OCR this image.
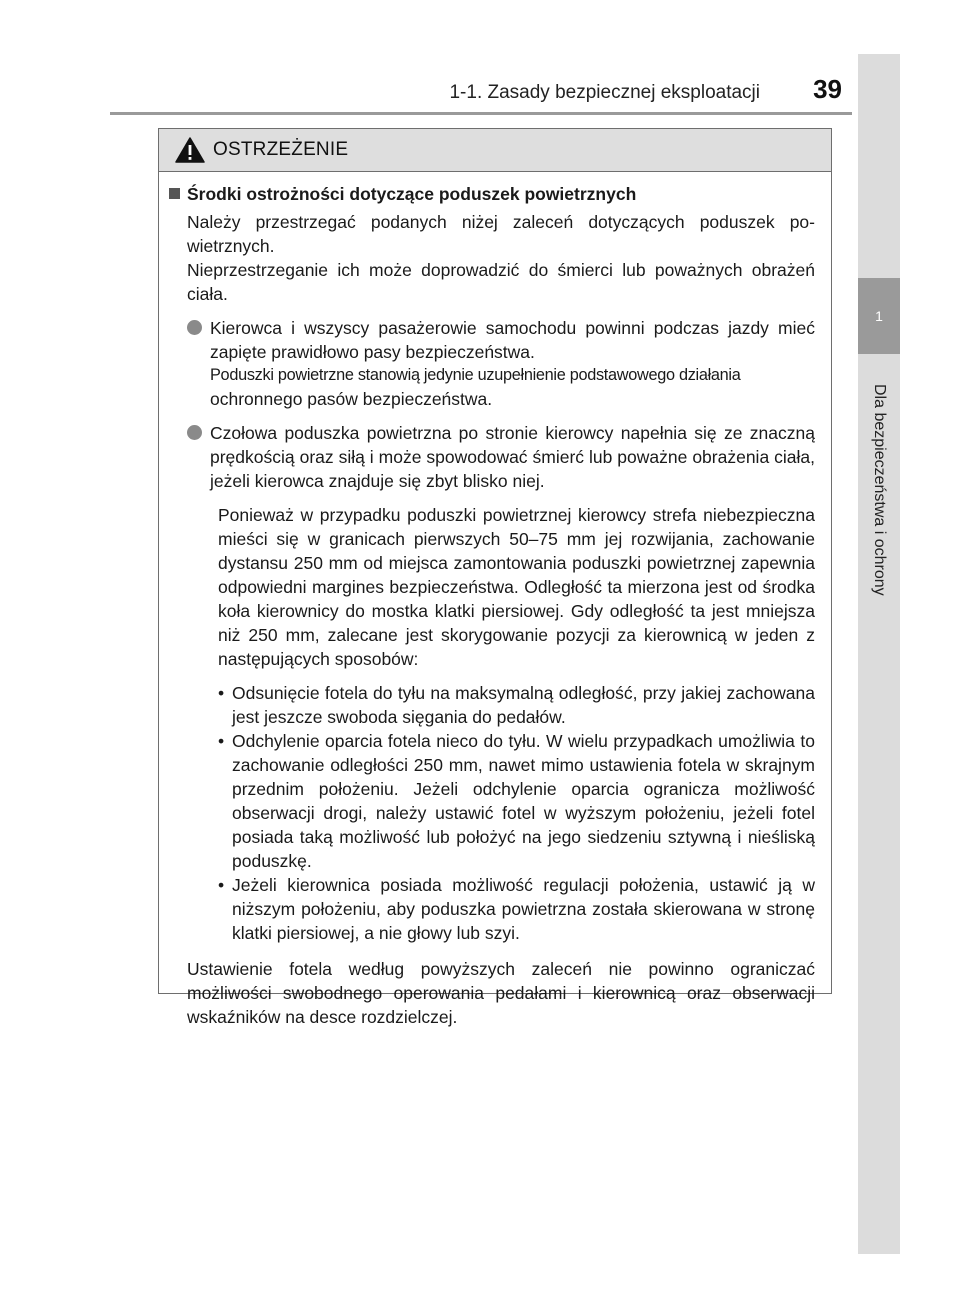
1-1. Zasady bezpiecznej eksploatacji	39
1
Dla bezpieczeństwa i ochrony
OSTRZEŻENIE
Środki ostrożności dotyczące poduszek powietrznych

Należy przestrzegać podanych niżej zaleceń dotyczących poduszek powietrznych.

Nieprzestrzeganie ich może doprowadzić do śmierci lub poważnych obrażeń ciała.

Kierowca i wszyscy pasażerowie samochodu powinni podczas jazdy mieć zapięte prawidłowo pasy bezpieczeństwa.

Poduszki powietrzne stanowią jedynie uzupełnienie podstawowego działania

ochronnego pasów bezpieczeństwa.

Czołowa poduszka powietrzna po stronie kierowcy napełnia się ze znaczną prędkością oraz siłą i może spowodować śmierć lub poważne obrażenia ciała, jeżeli kierowca znajduje się zbyt blisko niej.

Ponieważ w przypadku poduszki powietrznej kierowcy strefa niebezpieczna mieści się w granicach pierwszych 50–75 mm jej rozwijania, zachowanie dystansu 250 mm od miejsca zamontowania poduszki powietrznej zapewnia odpowiedni margines bezpieczeństwa. Odległość ta mierzona jest od środka koła kierownicy do mostka klatki piersiowej. Gdy odległość ta jest mniejsza niż 250 mm, zalecane jest skorygowanie pozycji za kierownicą w jeden z następujących sposobów:

• Odsunięcie fotela do tyłu na maksymalną odległość, przy jakiej zachowana jest jeszcze swoboda sięgania do pedałów.
• Odchylenie oparcia fotela nieco do tyłu. W wielu przypadkach umożliwia to zachowanie odległości 250 mm, nawet mimo ustawienia fotela w skrajnym przednim położeniu. Jeżeli odchylenie oparcia ogranicza możliwość obserwacji drogi, należy ustawić fotel w wyższym położeniu, jeżeli fotel posiada taką możliwość lub położyć na jego siedzeniu sztywną i nieśliską poduszkę.
• Jeżeli kierownica posiada możliwość regulacji położenia, ustawić ją w niższym położeniu, aby poduszka powietrzna została skierowana w stronę klatki piersiowej, a nie głowy lub szyi.

Ustawienie fotela według powyższych zaleceń nie powinno ograniczać możliwości swobodnego operowania pedałami i kierownicą oraz obserwacji wskaźników na desce rozdzielczej.
